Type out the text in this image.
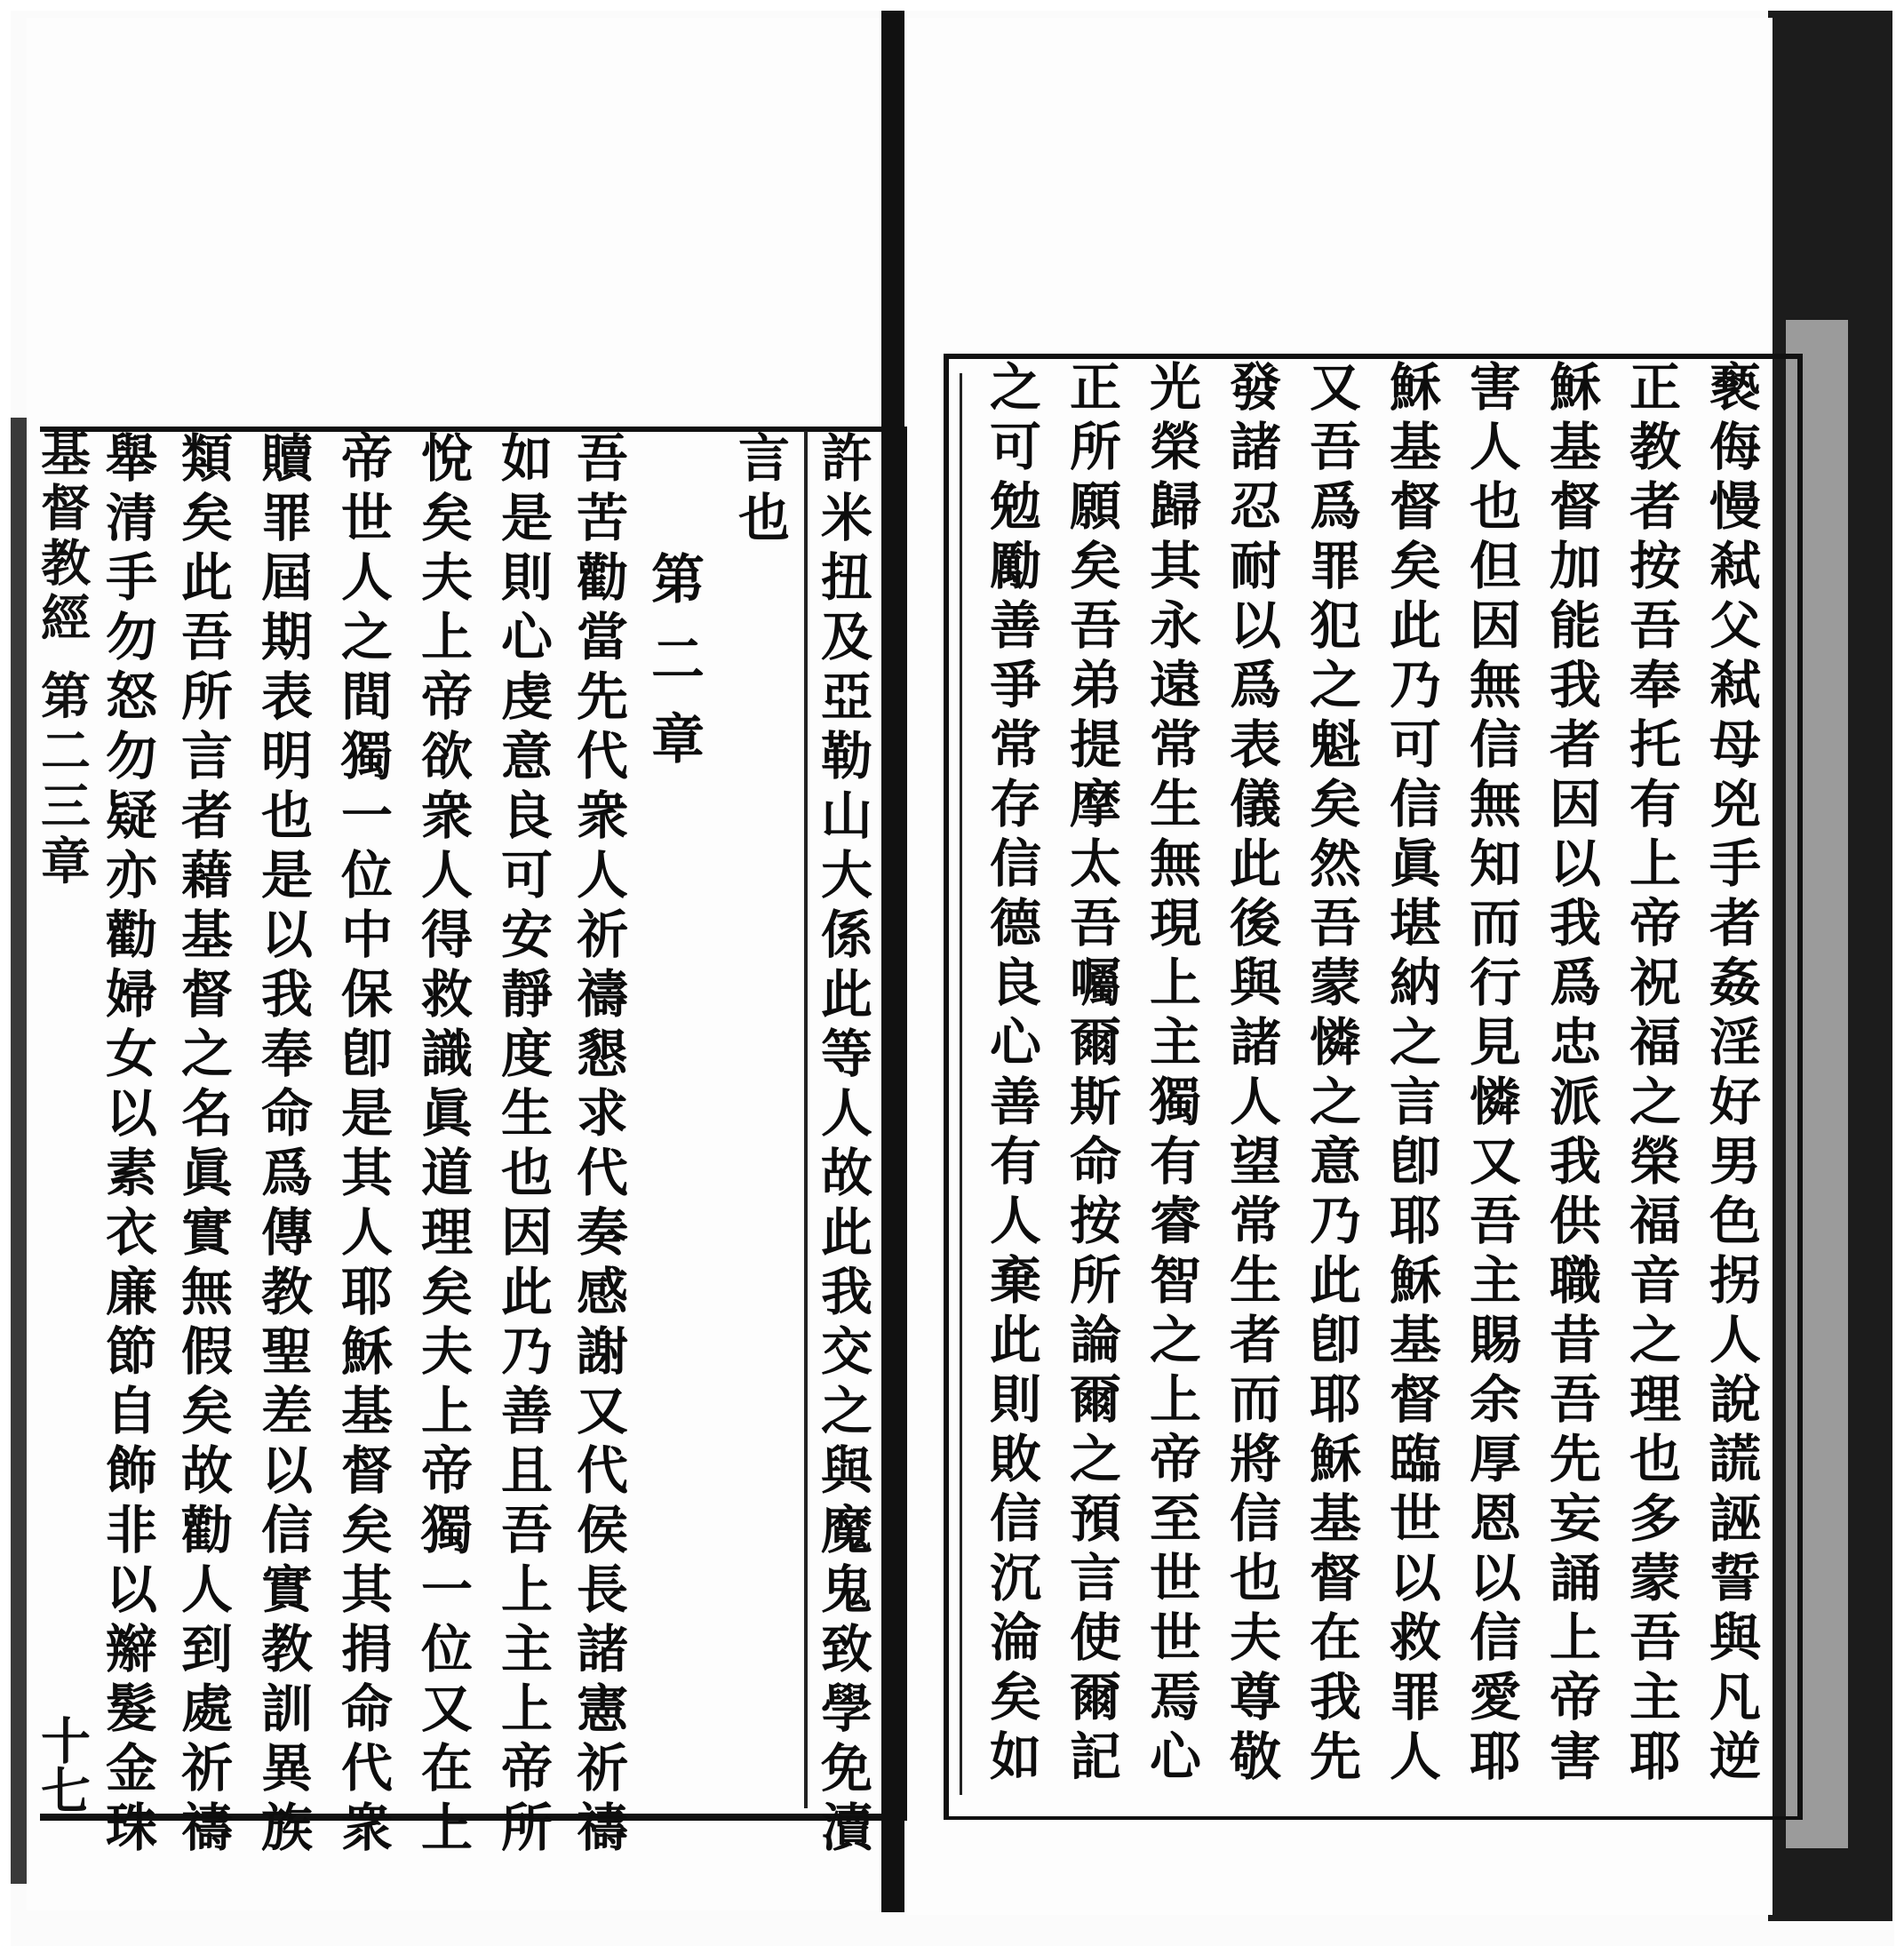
基督教經 第二三章
十七	許米扭及亞勒山大係此等人故此我交之與魔鬼致學免瀆
言也
第二章
吾苦勸當先代衆人祈禱懇求代奏感謝又代侯長諸憲祈禱
如是則心虔意良可安靜度生也因此乃善且吾上主上帝所
悅矣夫上帝欲衆人得救識眞道理矣夫上帝獨一位又在上
帝世人之間獨一位中保卽是其人耶穌基督矣其捐命代衆
贖罪屆期表明也是以我奉命爲傳教聖差以信實教訓異族
類矣此吾所言者藉基督之名眞實無假矣故勸人到處祈禱
舉清手勿怒勿疑亦勸婦女以素衣廉節自飾非以辮髮金珠	褻侮慢弒父弒母兇手者姦淫好男色拐人說謊誣誓與凡逆
正教者按吾奉托有上帝祝福之榮福音之理也多蒙吾主耶
穌基督加能我者因以我爲忠派我供職昔吾先妄誦上帝害
害人也但因無信無知而行見憐又吾主賜余厚恩以信愛耶
穌基督矣此乃可信眞堪納之言卽耶穌基督臨世以救罪人
又吾爲罪犯之魁矣然吾蒙憐之意乃此卽耶穌基督在我先
發諸忍耐以爲表儀此後與諸人望常生者而將信也夫尊敬
光榮歸其永遠常生無現上主獨有睿智之上帝至世世焉心
正所願矣吾弟提摩太吾囑爾斯命按所論爾之預言使爾記
之可勉勵善爭常存信德良心善有人棄此則敗信沉淪矣如
